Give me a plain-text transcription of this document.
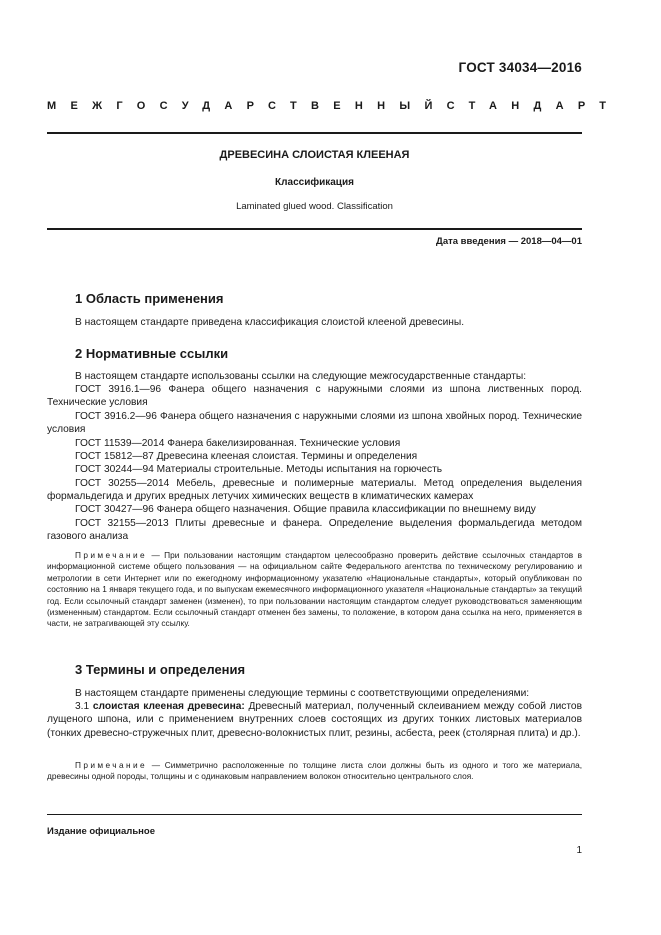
ГОСТ 34034—2016
МЕЖГОСУДАРСТВЕННЫЙ СТАНДАРТ
ДРЕВЕСИНА СЛОИСТАЯ КЛЕЕНАЯ
Классификация
Laminated glued wood. Classification
Дата введения — 2018—04—01
1 Область применения
В настоящем стандарте приведена классификация слоистой клееной древесины.
2 Нормативные ссылки
В настоящем стандарте использованы ссылки на следующие межгосударственные стандарты:
ГОСТ 3916.1—96 Фанера общего назначения с наружными слоями из шпона лиственных пород. Технические условия
ГОСТ 3916.2—96 Фанера общего назначения с наружными слоями из шпона хвойных пород. Технические условия
ГОСТ 11539—2014 Фанера бакелизированная. Технические условия
ГОСТ 15812—87 Древесина клееная слоистая. Термины и определения
ГОСТ 30244—94 Материалы строительные. Методы испытания на горючесть
ГОСТ 30255—2014 Мебель, древесные и полимерные материалы. Метод определения выделения формальдегида и других вредных летучих химических веществ в климатических камерах
ГОСТ 30427—96 Фанера общего назначения. Общие правила классификации по внешнему виду
ГОСТ 32155—2013 Плиты древесные и фанера. Определение выделения формальдегида методом газового анализа
Примечание — При пользовании настоящим стандартом целесообразно проверить действие ссылочных стандартов в информационной системе общего пользования — на официальном сайте Федерального агентства по техническому регулированию и метрологии в сети Интернет или по ежегодному информационному указателю «Национальные стандарты», который опубликован по состоянию на 1 января текущего года, и по выпускам ежемесячного информационного указателя «Национальные стандарты» за текущий год. Если ссылочный стандарт заменен (изменен), то при пользовании настоящим стандартом следует руководствоваться заменяющим (измененным) стандартом. Если ссылочный стандарт отменен без замены, то положение, в котором дана ссылка на него, применяется в части, не затрагивающей эту ссылку.
3 Термины и определения
В настоящем стандарте применены следующие термины с соответствующими определениями:
3.1 слоистая клееная древесина: Древесный материал, полученный склеиванием между собой листов лущеного шпона, или с применением внутренних слоев состоящих из других тонких листовых материалов (тонких древесно-стружечных плит, древесно-волокнистых плит, резины, асбеста, реек (столярная плита) и др.).
Примечание — Симметрично расположенные по толщине листа слои должны быть из одного и того же материала, древесины одной породы, толщины и с одинаковым направлением волокон относительно центрального слоя.
Издание официальное
1
